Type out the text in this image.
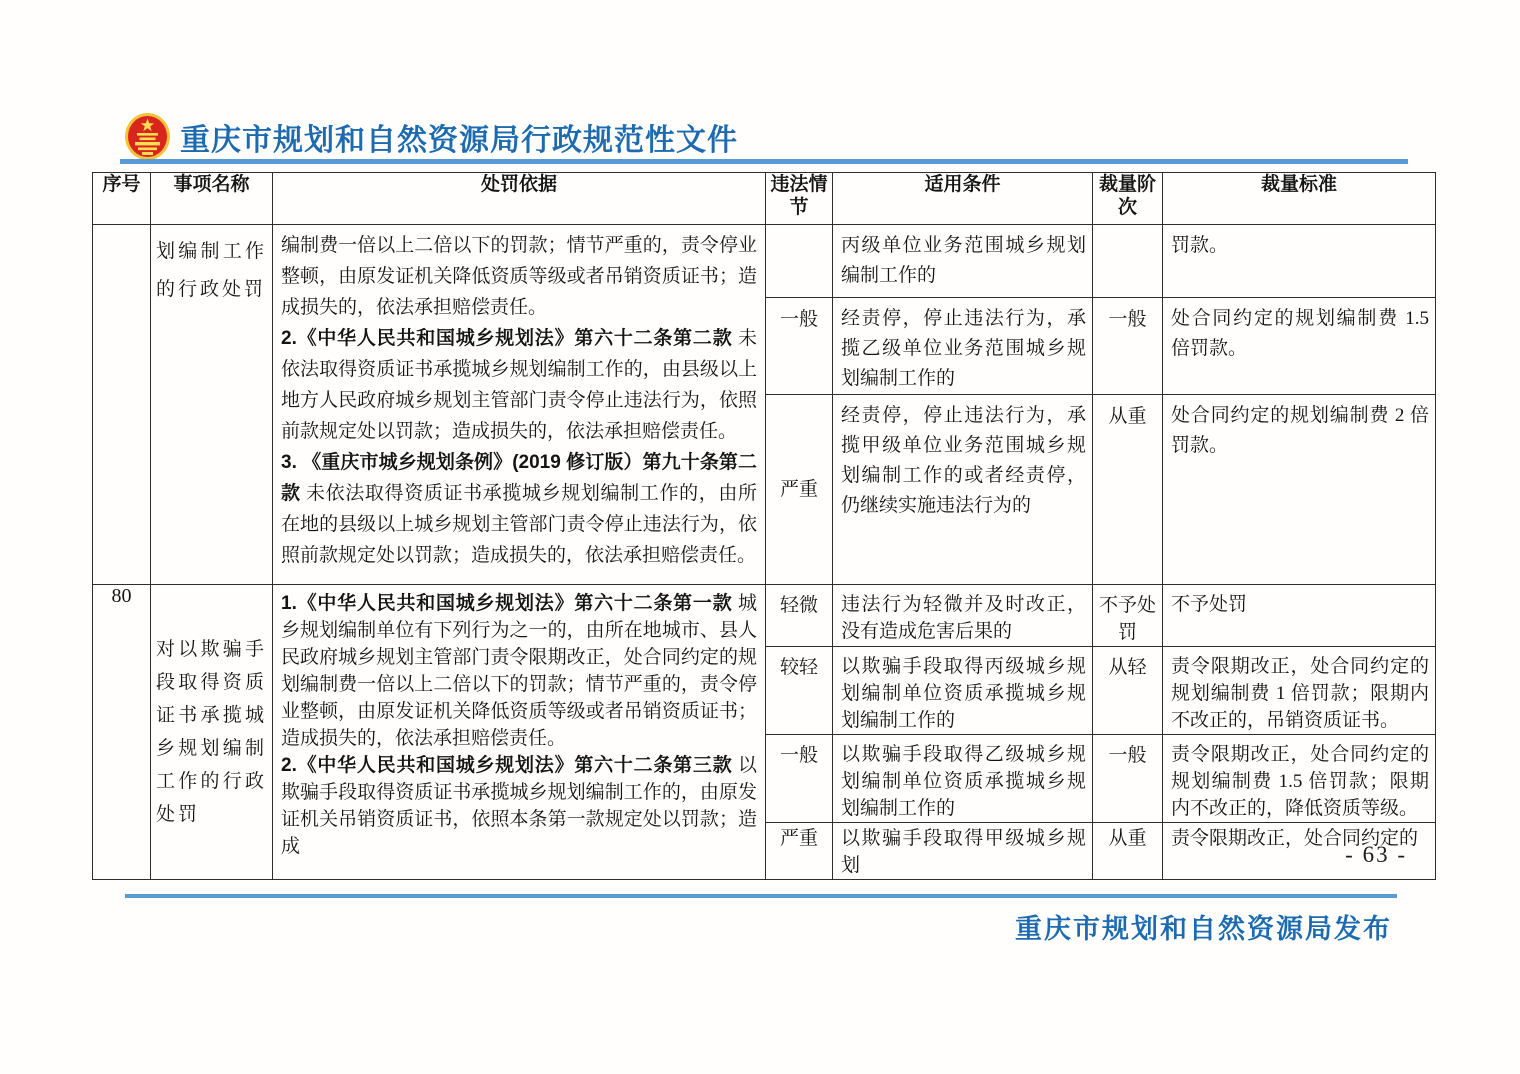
重庆市规划和自然资源局行政规范性文件
序号	事项名称	处罚依据	违法情节	适用条件	裁量阶次	裁量标准
	划编制工作的行政处罚	编制费一倍以上二倍以下的罚款；情节严重的，责令停业整顿，由原发证机关降低资质等级或者吊销资质证书；造成损失的，依法承担赔偿责任。
2.《中华人民共和国城乡规划法》第六十二条第二款 未依法取得资质证书承揽城乡规划编制工作的，由县级以上地方人民政府城乡规划主管部门责令停止违法行为，依照前款规定处以罚款；造成损失的，依法承担赔偿责任。
3. 《重庆市城乡规划条例》(2019 修订版）第九十条第二款 未依法取得资质证书承揽城乡规划编制工作的，由所在地的县级以上城乡规划主管部门责令停止违法行为，依照前款规定处以罚款；造成损失的，依法承担赔偿责任。		丙级单位业务范围城乡规划编制工作的		罚款。
			一般	经责停，停止违法行为，承揽乙级单位业务范围城乡规划编制工作的	一般	处合同约定的规划编制费 1.5 倍罚款。
			严重	经责停，停止违法行为，承揽甲级单位业务范围城乡规划编制工作的或者经责停，仍继续实施违法行为的	从重	处合同约定的规划编制费 2 倍罚款。
80	对以欺骗手段取得资质证书承揽城乡规划编制工作的行政处罚	1.《中华人民共和国城乡规划法》第六十二条第一款 城乡规划编制单位有下列行为之一的，由所在地城市、县人民政府城乡规划主管部门责令限期改正，处合同约定的规划编制费一倍以上二倍以下的罚款；情节严重的，责令停业整顿，由原发证机关降低资质等级或者吊销资质证书；造成损失的，依法承担赔偿责任。
2.《中华人民共和国城乡规划法》第六十二条第三款 以欺骗手段取得资质证书承揽城乡规划编制工作的，由原发证机关吊销资质证书，依照本条第一款规定处以罚款；造成	轻微	违法行为轻微并及时改正，没有造成危害后果的	不予处罚	不予处罚
			较轻	以欺骗手段取得丙级城乡规划编制单位资质承揽城乡规划编制工作的	从轻	责令限期改正，处合同约定的规划编制费 1 倍罚款；限期内不改正的，吊销资质证书。
			一般	以欺骗手段取得乙级城乡规划编制单位资质承揽城乡规划编制工作的	一般	责令限期改正，处合同约定的规划编制费 1.5 倍罚款；限期内不改正的，降低资质等级。
			严重	以欺骗手段取得甲级城乡规划	从重	责令限期改正，处合同约定的
- 63 -
重庆市规划和自然资源局发布
